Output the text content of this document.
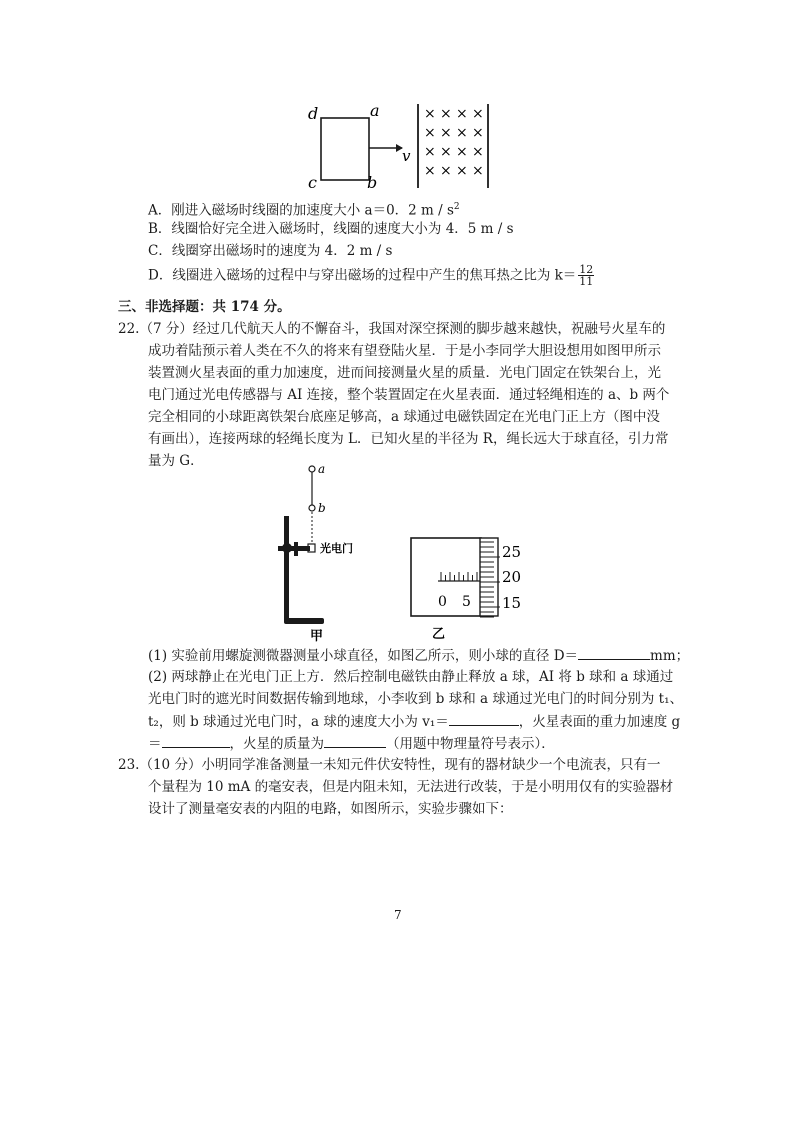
d	a
c	b
v
× × × ×
× × × ×
× × × ×
× × × ×
A．刚进入磁场时线圈的加速度大小 a＝0．2 m / $s^2$
B．线圈恰好完全进入磁场时，线圈的速度大小为 4．5 m / s
C．线圈穿出磁场时的速度为 4．2 m / s
D．线圈进入磁场的过程中与穿出磁场的过程中产生的焦耳热之比为 $k= \frac{12}{11}$
三、非选择题：共 174 分。
22.（7 分）经过几代航天人的不懈奋斗，我国对深空探测的脚步越来越快，祝融号火星车的
成功着陆预示着人类在不久的将来有望登陆火星．于是小李同学大胆设想用如图甲所示
装置测火星表面的重力加速度，进而间接测量火星的质量．光电门固定在铁架台上，光
电门通过光电传感器与 AI 连接，整个装置固定在火星表面．通过轻绳相连的 a、b 两个
完全相同的小球距离铁架台底座足够高，a 球通过电磁铁固定在光电门正上方（图中没
有画出），连接两球的轻绳长度为 L．已知火星的半径为 R，绳长远大于球直径，引力常
量为 G．	a
b
光电门
甲
0 5
25
20
15
乙
(1) 实验前用螺旋测微器测量小球直径，如图乙所示，则小球的直径 D＝	mm；
(2) 两球静止在光电门正上方．然后控制电磁铁由静止释放 a 球，AI 将 b 球和 a 球通过
光电门时的遮光时间数据传输到地球，小李收到 b 球和 a 球通过光电门的时间分别为 t₁、
t₂，则 b 球通过光电门时，a 球的速度大小为 v₁＝	，火星表面的重力加速度 g
＝	，火星的质量为	（用题中物理量符号表示）．
23.（10 分）小明同学准备测量一未知元件伏安特性，现有的器材缺少一个电流表，只有一
个量程为 10 mA 的毫安表，但是内阻未知，无法进行改装，于是小明用仅有的实验器材
设计了测量毫安表的内阻的电路，如图所示，实验步骤如下：
7
